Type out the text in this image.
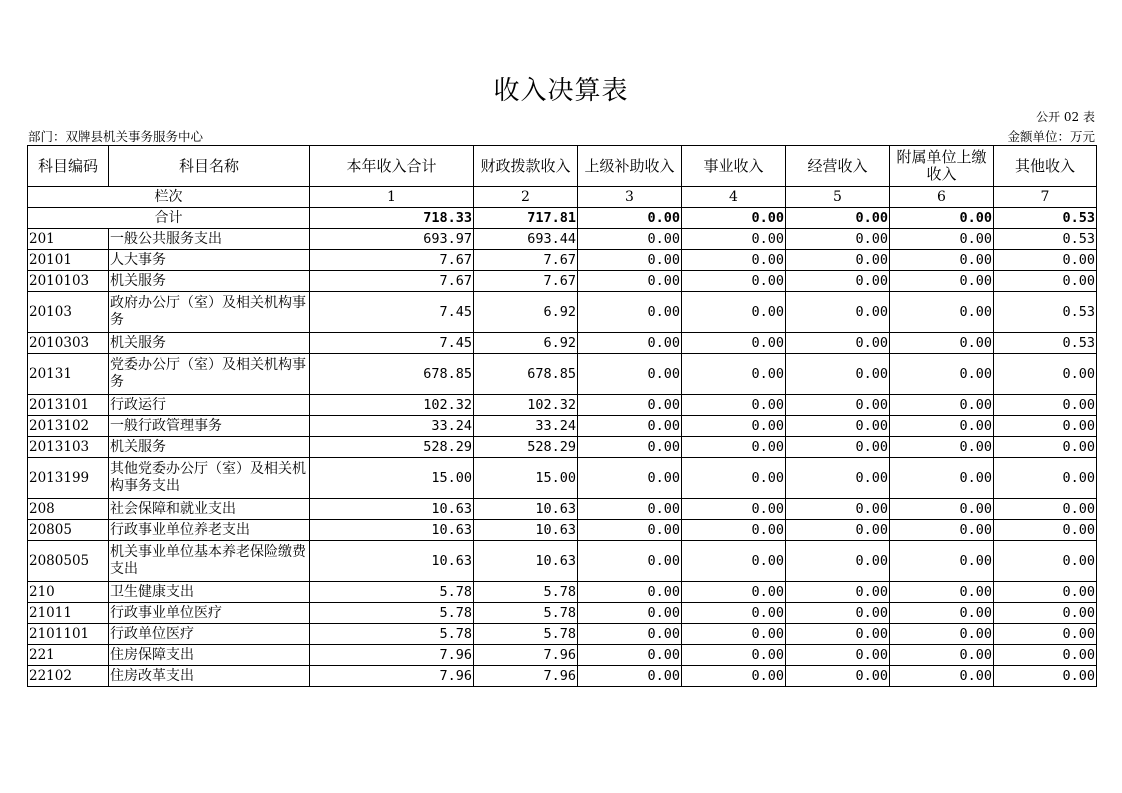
收入决算表
公开 02 表
部门：双牌县机关事务服务中心	金额单位：万元
科目编码	科目名称	本年收入合计	财政拨款收入	上级补助收入	事业收入	经营收入	附属单位上缴收入	其他收入
栏次		1	2	3	4	5	6	7
合计		718.33	717.81	0.00	0.00	0.00	0.00	0.53
201	一般公共服务支出	693.97	693.44	0.00	0.00	0.00	0.00	0.53
20101	人大事务	7.67	7.67	0.00	0.00	0.00	0.00	0.00
2010103	机关服务	7.67	7.67	0.00	0.00	0.00	0.00	0.00
20103	政府办公厅（室）及相关机构事务	7.45	6.92	0.00	0.00	0.00	0.00	0.53
2010303	机关服务	7.45	6.92	0.00	0.00	0.00	0.00	0.53
20131	党委办公厅（室）及相关机构事务	678.85	678.85	0.00	0.00	0.00	0.00	0.00
2013101	行政运行	102.32	102.32	0.00	0.00	0.00	0.00	0.00
2013102	一般行政管理事务	33.24	33.24	0.00	0.00	0.00	0.00	0.00
2013103	机关服务	528.29	528.29	0.00	0.00	0.00	0.00	0.00
2013199	其他党委办公厅（室）及相关机构事务支出	15.00	15.00	0.00	0.00	0.00	0.00	0.00
208	社会保障和就业支出	10.63	10.63	0.00	0.00	0.00	0.00	0.00
20805	行政事业单位养老支出	10.63	10.63	0.00	0.00	0.00	0.00	0.00
2080505	机关事业单位基本养老保险缴费支出	10.63	10.63	0.00	0.00	0.00	0.00	0.00
210	卫生健康支出	5.78	5.78	0.00	0.00	0.00	0.00	0.00
21011	行政事业单位医疗	5.78	5.78	0.00	0.00	0.00	0.00	0.00
2101101	行政单位医疗	5.78	5.78	0.00	0.00	0.00	0.00	0.00
221	住房保障支出	7.96	7.96	0.00	0.00	0.00	0.00	0.00
22102	住房改革支出	7.96	7.96	0.00	0.00	0.00	0.00	0.00
